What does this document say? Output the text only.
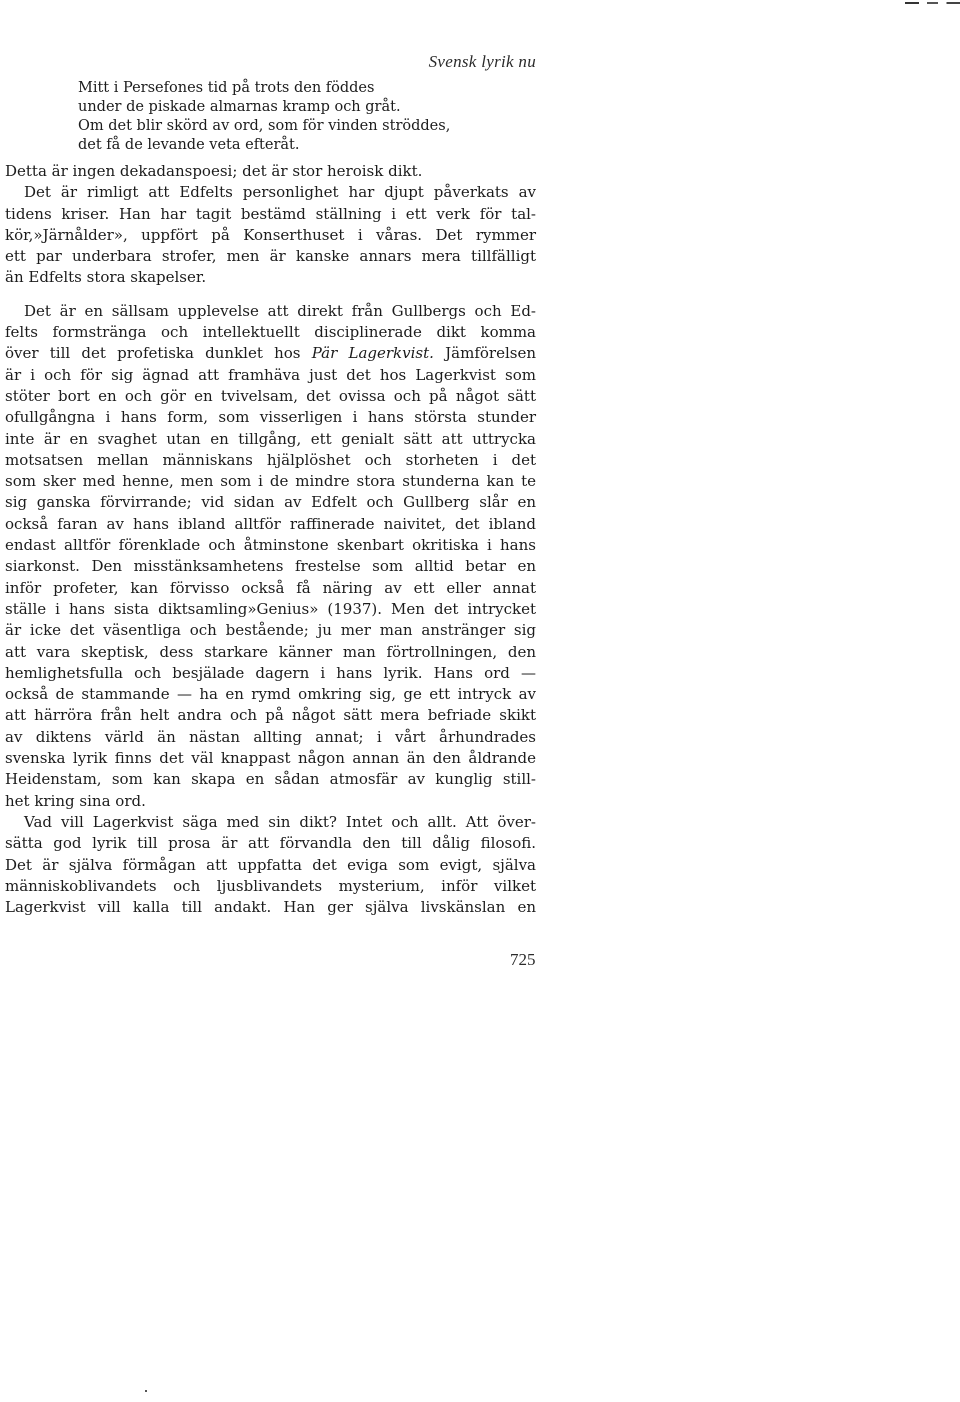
Svensk lyrik nu
Mitt i Persefones tid på trots den föddes
under de piskade almarnas kramp och gråt.
Om det blir skörd av ord, som för vinden ströddes,
det få de levande veta efteråt.

Detta är ingen dekadanspoesi; det är stor heroisk dikt.
Det är rimligt att Edfelts personlighet har djupt påverkats av
tidens kriser. Han har tagit bestämd ställning i ett verk för tal-
kör,»Järnålder», uppfört på Konserthuset i våras. Det rymmer
ett par underbara strofer, men är kanske annars mera tillfälligt
än Edfelts stora skapelser.

Det är en sällsam upplevelse att direkt från Gullbergs och Ed-
felts formstränga och intellektuellt disciplinerade dikt komma
över till det profetiska dunklet hos Pär Lagerkvist. Jämförelsen
är i och för sig ägnad att framhäva just det hos Lagerkvist som
stöter bort en och gör en tvivelsam, det ovissa och på något sätt
ofullgångna i hans form, som visserligen i hans största stunder
inte är en svaghet utan en tillgång, ett genialt sätt att uttrycka
motsatsen mellan människans hjälplöshet och storheten i det
som sker med henne, men som i de mindre stora stunderna kan te
sig ganska förvirrande; vid sidan av Edfelt och Gullberg slår en
också faran av hans ibland alltför raffinerade naivitet, det ibland
endast alltför förenklade och åtminstone skenbart okritiska i hans
siarkonst. Den misstänksamhetens frestelse som alltid betar en
inför profeter, kan förvisso också få näring av ett eller annat
ställe i hans sista diktsamling»Genius» (1937). Men det intrycket
är icke det väsentliga och bestående; ju mer man anstränger sig
att vara skeptisk, dess starkare känner man förtrollningen, den
hemlighetsfulla och besjälade dagern i hans lyrik. Hans ord —
också de stammande — ha en rymd omkring sig, ge ett intryck av
att härröra från helt andra och på något sätt mera befriade skikt
av diktens värld än nästan allting annat; i vårt århundrades
svenska lyrik finns det väl knappast någon annan än den åldrande
Heidenstam, som kan skapa en sådan atmosfär av kunglig still-
het kring sina ord.

Vad vill Lagerkvist säga med sin dikt? Intet och allt. Att över-
sätta god lyrik till prosa är att förvandla den till dålig filosofi.
Det är själva förmågan att uppfatta det eviga som evigt, själva
människoblivandets och ljusblivandets mysterium, inför vilket
Lagerkvist vill kalla till andakt. Han ger själva livskänslan en

725
